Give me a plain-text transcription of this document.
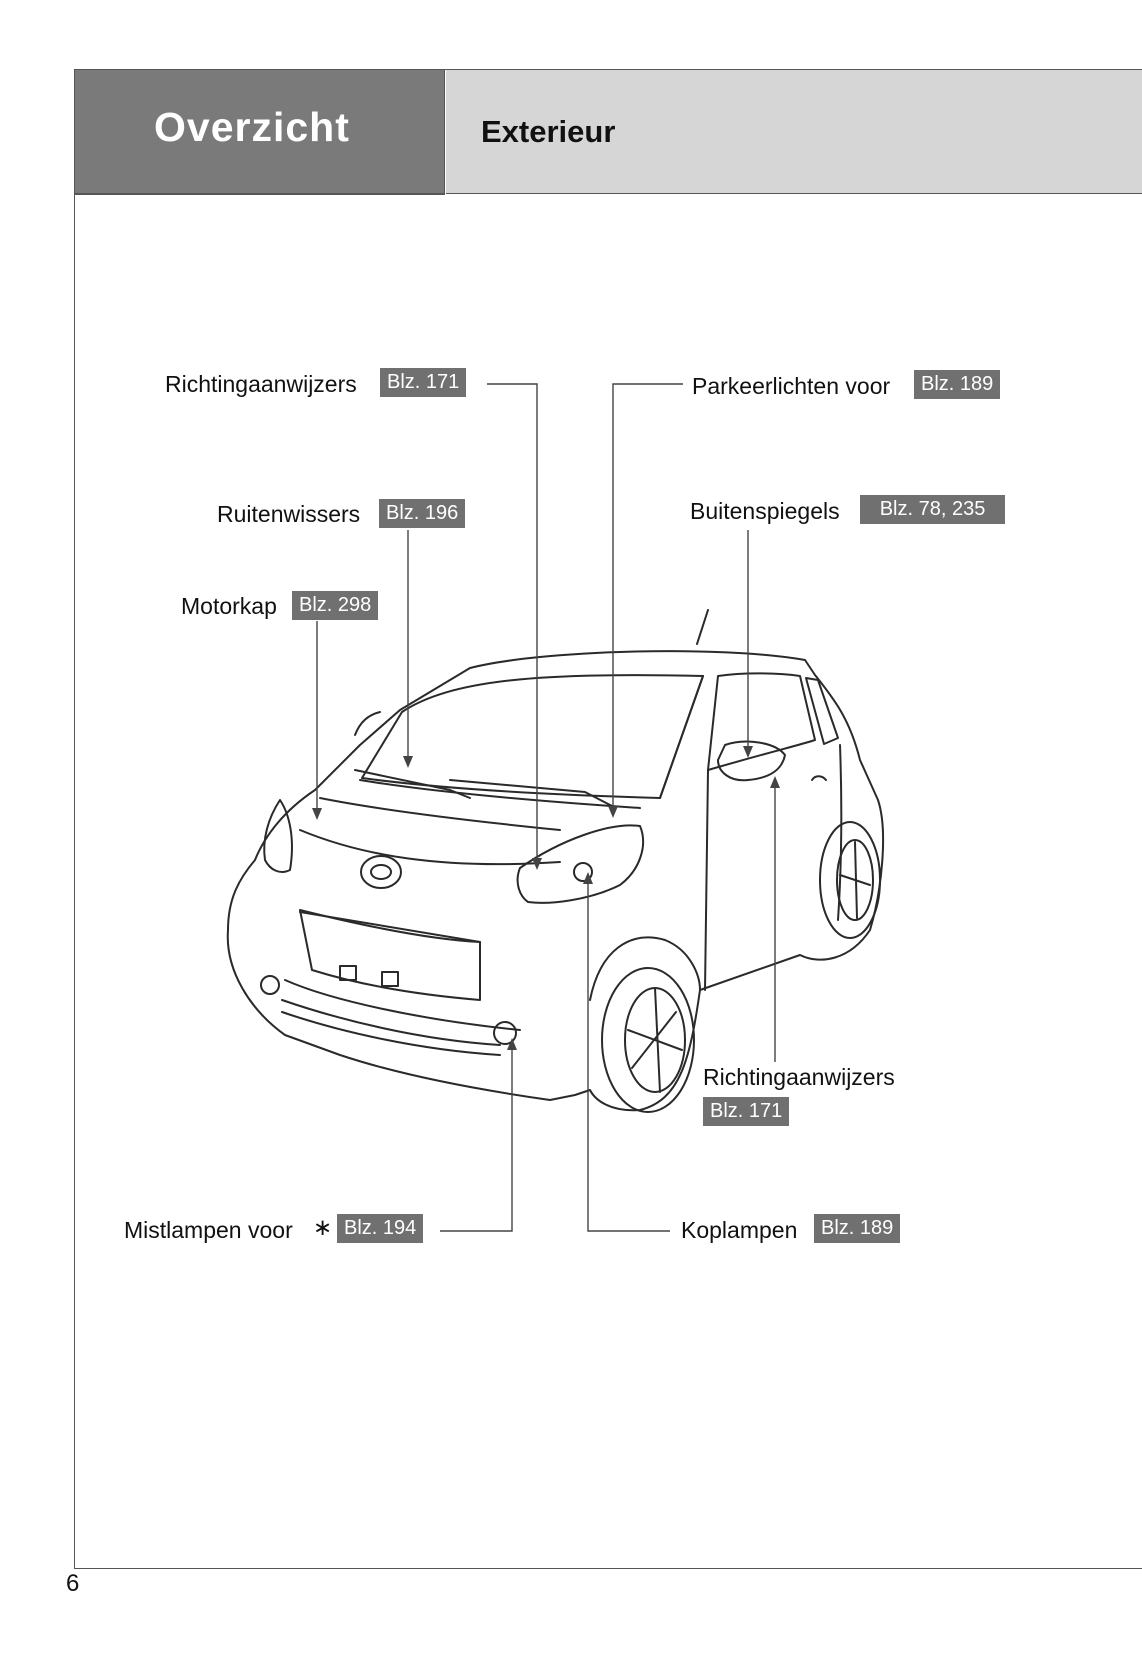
Overzicht	Exterieur
Richtingaanwijzers	Blz. 171
Ruitenwissers	Blz. 196
Motorkap	Blz. 298
Parkeerlichten voor	Blz. 189
Buitenspiegels	Blz. 78, 235
Richtingaanwijzers
Blz. 171
Mistlampen voor ∗ Blz. 194	Koplampen	Blz. 189
6
